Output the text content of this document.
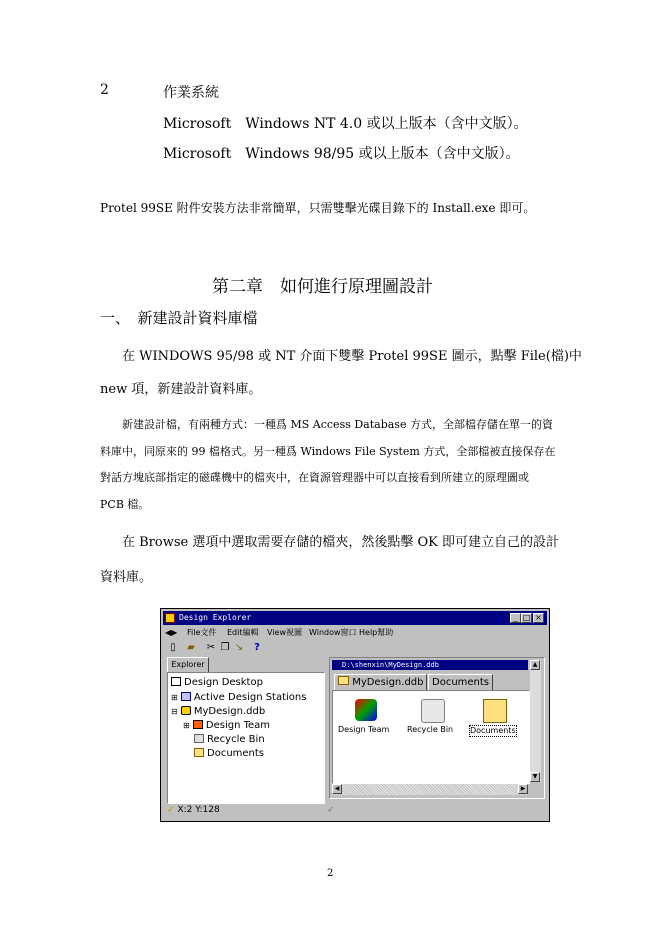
2	作業系統
Microsoft　Windows NT 4.0 或以上版本（含中文版）。
Microsoft　Windows 98/95 或以上版本（含中文版）。
Protel 99SE 附件安裝方法非常簡單，只需雙擊光碟目錄下的 Install.exe 即可。
第二章　如何進行原理圖設計
一、　新建設計資料庫檔
在 WINDOWS 95/98 或 NT 介面下雙擊 Protel 99SE 圖示，點擊 File(檔)中
new 項，新建設計資料庫。
新建設計檔，有兩種方式：一種爲 MS Access Database 方式，全部檔存儲在單一的資
料庫中，同原來的 99 檔格式。另一種爲 Windows File System 方式，全部檔被直接保存在
對話方塊底部指定的磁碟機中的檔夾中，在資源管理器中可以直接看到所建立的原理圖或
PCB 檔。
在 Browse 選項中選取需要存儲的檔夾，然後點擊 OK 即可建立自己的設計
資料庫。
Design Explorer	_ □ ×
◀▶ File文件 Edit編輯 View視圖 Window窗口 Help幫助
▯	▰ ✂ ❐ ↘	?
Explorer
Design Desktop
⊞ Active Design Stations
⊟ MyDesign.ddb
⊞ Design Team
Recycle Bin
Documents
D:\shenxin\MyDesign.ddb
MyDesign.ddb Documents
Design Team Recycle Bin Documents
▲
▼
◀	▶
➶ X:2 Y:128	➶
2
